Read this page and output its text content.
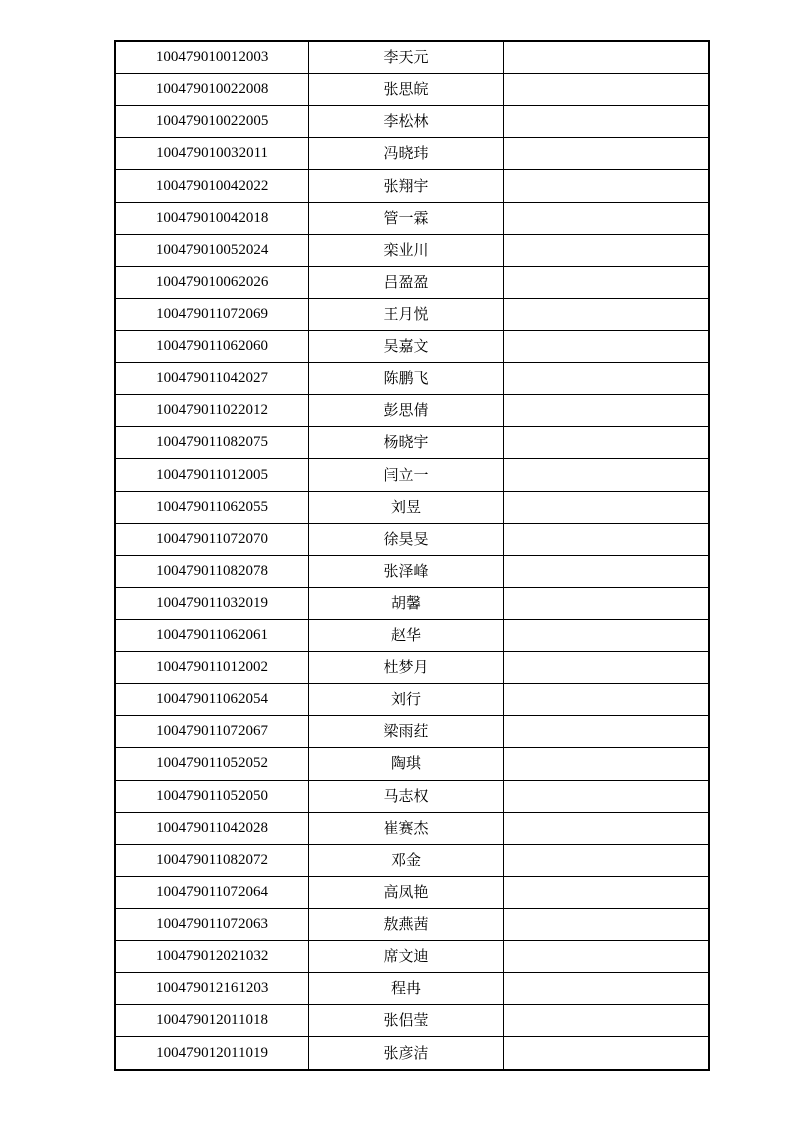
100479010012003	李天元	
100479010022008	张思皖	
100479010022005	李松林	
100479010032011	冯晓玮	
100479010042022	张翔宇	
100479010042018	管一霖	
100479010052024	栾业川	
100479010062026	吕盈盈	
100479011072069	王月悦	
100479011062060	吴嘉文	
100479011042027	陈鹏飞	
100479011022012	彭思倩	
100479011082075	杨晓宇	
100479011012005	闫立一	
100479011062055	刘昱	
100479011072070	徐昊旻	
100479011082078	张泽峰	
100479011032019	胡馨	
100479011062061	赵华	
100479011012002	杜梦月	
100479011062054	刘行	
100479011072067	梁雨荭	
100479011052052	陶琪	
100479011052050	马志权	
100479011042028	崔赛杰	
100479011082072	邓金	
100479011072064	高凤艳	
100479011072063	敖燕茜	
100479012021032	席文迪	
100479012161203	程冉	
100479012011018	张侣莹	
100479012011019	张彦洁	
